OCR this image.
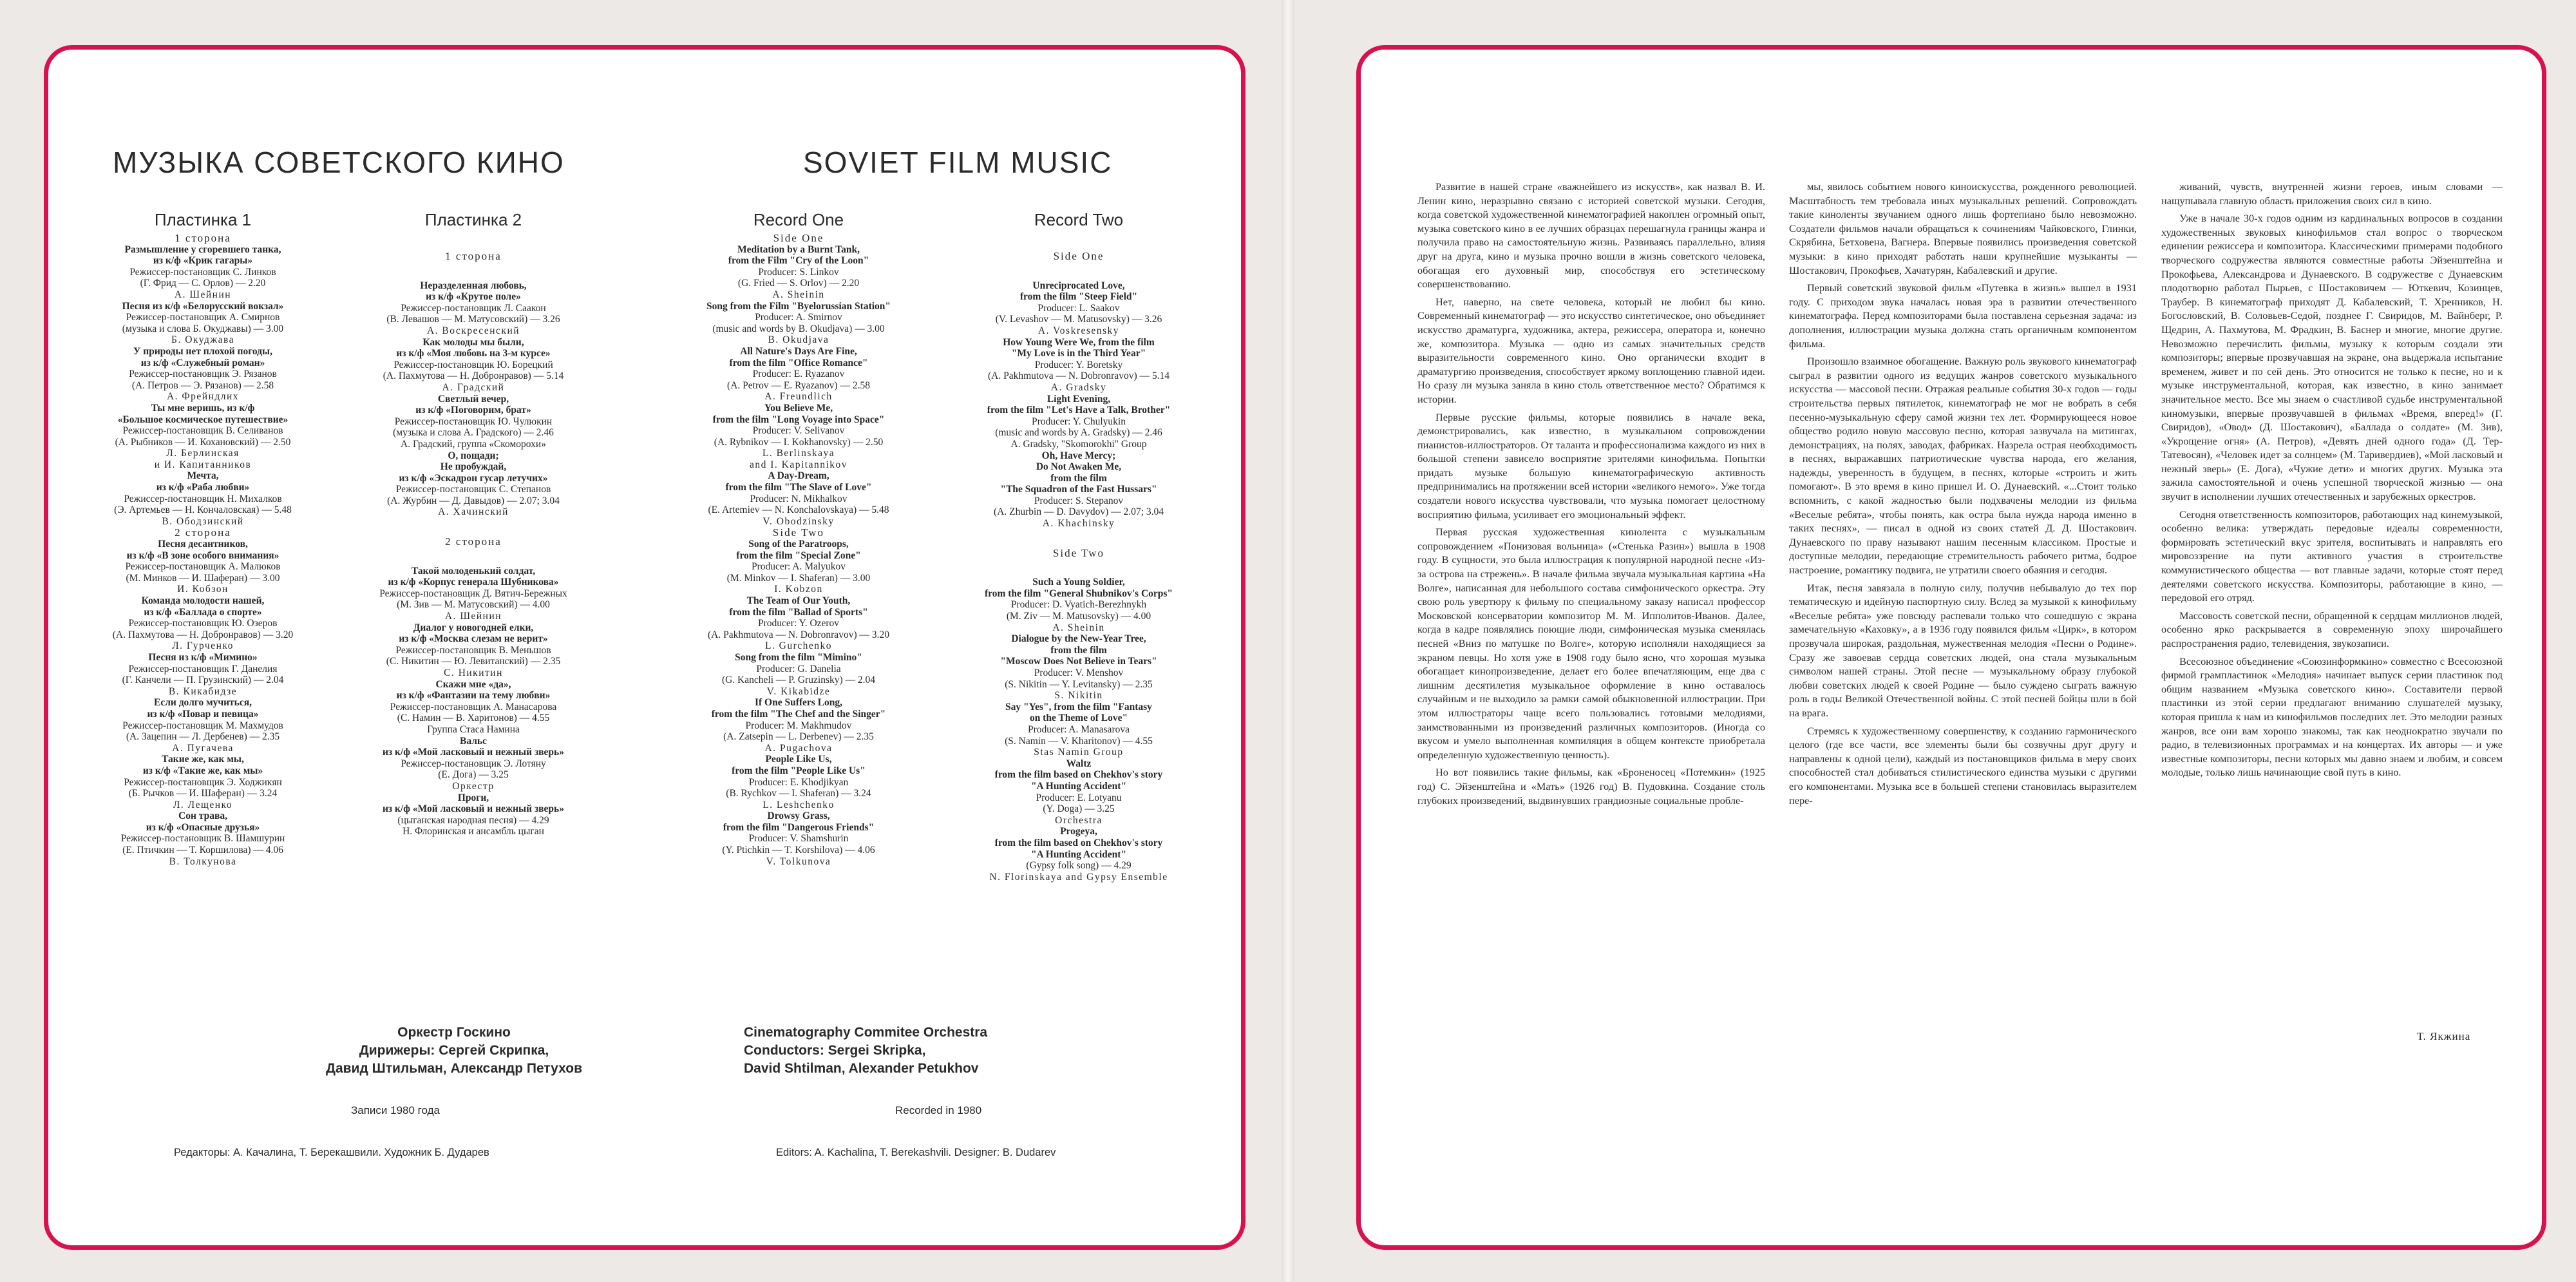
МУЗЫКА СОВЕТСКОГО КИНО	SOVIET FILM MUSIC
Пластинка 1
1 сторона
Размышление у сгоревшего танка,
из к/ф «Крик гагары»
Режиссер-постановщик С. Линков
(Г. Фрид — С. Орлов) — 2.20
А. Шейнин
Песня из к/ф «Белорусский вокзал»
Режиссер-постановщик А. Смирнов
(музыка и слова Б. Окуджавы) — 3.00
Б. Окуджава
У природы нет плохой погоды,
из к/ф «Служебный роман»
Режиссер-постановщик Э. Рязанов
(А. Петров — Э. Рязанов) — 2.58
А. Фрейндлих
Ты мне веришь, из к/ф
«Большое космическое путешествие»
Режиссер-постановщик В. Селиванов
(А. Рыбников — И. Кохановский) — 2.50
Л. Берлинская
и И. Капитанников
Мечта,
из к/ф «Раба любви»
Режиссер-постановщик Н. Михалков
(Э. Артемьев — Н. Кончаловская) — 5.48
В. Ободзинский
2 сторона
Песня десантников,
из к/ф «В зоне особого внимания»
Режиссер-постановщик А. Малюков
(М. Минков — И. Шаферан) — 3.00
И. Кобзон
Команда молодости нашей,
из к/ф «Баллада о спорте»
Режиссер-постановщик Ю. Озеров
(А. Пахмутова — Н. Добронравов) — 3.20
Л. Гурченко
Песня из к/ф «Мимино»
Режиссер-постановщик Г. Данелия
(Г. Канчели — П. Грузинский) — 2.04
В. Кикабидзе
Если долго мучиться,
из к/ф «Повар и певица»
Режиссер-постановщик М. Махмудов
(А. Зацепин — Л. Дербенев) — 2.35
А. Пугачева
Такие же, как мы,
из к/ф «Такие же, как мы»
Режиссер-постановщик Э. Ходжикян
(Б. Рычков — И. Шаферан) — 3.24
Л. Лещенко
Сон трава,
из к/ф «Опасные друзья»
Режиссер-постановщик В. Шамшурин
(Е. Птичкин — Т. Коршилова) — 4.06
В. Толкунова
Пластинка 2
1 сторона
Неразделенная любовь,
из к/ф «Крутое поле»
Режиссер-постановщик Л. Саакон
(В. Левашов — М. Матусовский) — 3.26
А. Воскресенский
Как молоды мы были,
из к/ф «Моя любовь на 3-м курсе»
Режиссер-постановщик Ю. Борецкий
(А. Пахмутова — Н. Добронравов) — 5.14
А. Градский
Светлый вечер,
из к/ф «Поговорим, брат»
Режиссер-постановщик Ю. Чулюкин
(музыка и слова А. Градского) — 2.46
А. Градский, группа «Скоморохи»
О, пощади;
Не пробуждай,
из к/ф «Эскадрон гусар летучих»
Режиссер-постановщик С. Степанов
(А. Журбин — Д. Давыдов) — 2.07; 3.04
А. Хачинский
2 сторона
Такой молоденький солдат,
из к/ф «Корпус генерала Шубникова»
Режиссер-постановщик Д. Вятич-Бережных
(М. Зив — М. Матусовский) — 4.00
А. Шейнин
Диалог у новогодней елки,
из к/ф «Москва слезам не верит»
Режиссер-постановщик В. Меньшов
(С. Никитин — Ю. Левитанский) — 2.35
С. Никитин
Скажи мне «да»,
из к/ф «Фантазии на тему любви»
Режиссер-постановщик А. Манасарова
(С. Намин — В. Харитонов) — 4.55
Группа Стаса Намина
Вальс
из к/ф «Мой ласковый и нежный зверь»
Режиссер-постановщик Э. Лотяну
(Е. Дога) — 3.25
Оркестр
Проги,
из к/ф «Мой ласковый и нежный зверь»
(цыганская народная песня) — 4.29
Н. Флоринская и ансамбль цыган
Record One
Side One
Meditation by a Burnt Tank,
from the Film "Cry of the Loon"
Producer: S. Linkov
(G. Fried — S. Orlov) — 2.20
A. Sheinin
Song from the Film "Byelorussian Station"
Producer: A. Smirnov
(music and words by B. Okudjava) — 3.00
B. Okudjava
All Nature's Days Are Fine,
from the film "Office Romance"
Producer: E. Ryazanov
(A. Petrov — E. Ryazanov) — 2.58
A. Freundlich
You Believe Me,
from the film "Long Voyage into Space"
Producer: V. Selivanov
(A. Rybnikov — I. Kokhanovsky) — 2.50
L. Berlinskaya
and I. Kapitannikov
A Day-Dream,
from the film "The Slave of Love"
Producer: N. Mikhalkov
(E. Artemiev — N. Konchalovskaya) — 5.48
V. Obodzinsky
Side Two
Song of the Paratroops,
from the film "Special Zone"
Producer: A. Malyukov
(M. Minkov — I. Shaferan) — 3.00
I. Kobzon
The Team of Our Youth,
from the film "Ballad of Sports"
Producer: Y. Ozerov
(A. Pakhmutova — N. Dobronravov) — 3.20
L. Gurchenko
Song from the film "Mimino"
Producer: G. Danelia
(G. Kancheli — P. Gruzinsky) — 2.04
V. Kikabidze
If One Suffers Long,
from the film "The Chef and the Singer"
Producer: M. Makhmudov
(A. Zatsepin — L. Derbenev) — 2.35
A. Pugachova
People Like Us,
from the film "People Like Us"
Producer: E. Khodjikyan
(B. Rychkov — I. Shaferan) — 3.24
L. Leshchenko
Drowsy Grass,
from the film "Dangerous Friends"
Producer: V. Shamshurin
(Y. Ptichkin — T. Korshilova) — 4.06
V. Tolkunova
Record Two
Side One
Unreciprocated Love,
from the film "Steep Field"
Producer: L. Saakov
(V. Levashov — M. Matusovsky) — 3.26
A. Voskresensky
How Young Were We, from the film
"My Love is in the Third Year"
Producer: Y. Boretsky
(A. Pakhmutova — N. Dobronravov) — 5.14
A. Gradsky
Light Evening,
from the film "Let's Have a Talk, Brother"
Producer: Y. Chulyukin
(music and words by A. Gradsky) — 2.46
A. Gradsky, "Skomorokhi" Group
Oh, Have Mercy;
Do Not Awaken Me,
from the film
"The Squadron of the Fast Hussars"
Producer: S. Stepanov
(A. Zhurbin — D. Davydov) — 2.07; 3.04
A. Khachinsky
Side Two
Such a Young Soldier,
from the film "General Shubnikov's Corps"
Producer: D. Vyatich-Berezhnykh
(M. Ziv — M. Matusovsky) — 4.00
A. Sheinin
Dialogue by the New-Year Tree,
from the film
"Moscow Does Not Believe in Tears"
Producer: V. Menshov
(S. Nikitin — Y. Levitansky) — 2.35
S. Nikitin
Say "Yes", from the film "Fantasy
on the Theme of Love"
Producer: A. Manasarova
(S. Namin — V. Kharitonov) — 4.55
Stas Namin Group
Waltz
from the film based on Chekhov's story
"A Hunting Accident"
Producer: E. Lotyanu
(Y. Doga) — 3.25
Orchestra
Progeya,
from the film based on Chekhov's story
"A Hunting Accident"
(Gypsy folk song) — 4.29
N. Florinskaya and Gypsy Ensemble
Оркестр Госкино
Дирижеры: Сергей Скрипка,
Давид Штильман, Александр Петухов
Cinematography Commitee Orchestra
Conductors: Sergei Skripka,
David Shtilman, Alexander Petukhov
Записи 1980 года	Recorded in 1980
Редакторы: А. Качалина, Т. Берекашвили. Художник Б. Дударев	Editors: A. Kachalina, T. Berekashvili. Designer: B. Dudarev

Развитие в нашей стране «важнейшего из искусств», как назвал В. И. Ленин кино, неразрывно связано с историей советской музыки. Сегодня, когда советской художественной кинематографией накоплен огромный опыт, музыка советского кино в ее лучших образцах перешагнула границы жанра и получила право на самостоятельную жизнь. Развиваясь параллельно, влияя друг на друга, кино и музыка прочно вошли в жизнь советского человека, обогащая его духовный мир, способствуя его эстетическому совершенствованию.

Нет, наверно, на свете человека, который не любил бы кино. Современный кинематограф — это искусство синтетическое, оно объединяет искусство драматурга, художника, актера, режиссера, оператора и, конечно же, композитора. Музыка — одно из самых значительных средств выразительности современного кино. Оно органически входит в драматургию произведения, способствует яркому воплощению главной идеи. Но сразу ли музыка заняла в кино столь ответственное место? Обратимся к истории.

Первые русские фильмы, которые появились в начале века, демонстрировались, как известно, в музыкальном сопровождении пианистов-иллюстраторов. От таланта и профессионализма каждого из них в большой степени зависело восприятие зрителями кинофильма. Попытки придать музыке большую кинематографическую активность предпринимались на протяжении всей истории «великого немого». Уже тогда создатели нового искусства чувствовали, что музыка помогает целостному восприятию фильма, усиливает его эмоциональный эффект.

Первая русская художественная кинолента с музыкальным сопровождением «Понизовая вольница» («Стенька Разин») вышла в 1908 году. В сущности, это была иллюстрация к популярной народной песне «Из-за острова на стрежень». В начале фильма звучала музыкальная картина «На Волге», написанная для небольшого состава симфонического оркестра. Эту свою роль увертюру к фильму по специальному заказу написал профессор Московской консерватории композитор М. М. Ипполитов-Иванов. Далее, когда в кадре появлялись поющие люди, симфоническая музыка сменялась песней «Вниз по матушке по Волге», которую исполняли находящиеся за экраном певцы. Но хотя уже в 1908 году было ясно, что хорошая музыка обогащает кинопроизведение, делает его более впечатляющим, еще два с лишним десятилетия музыкальное оформление в кино оставалось случайным и не выходило за рамки самой обыкновенной иллюстрации. При этом иллюстраторы чаще всего пользовались готовыми мелодиями, заимствованными из произведений различных композиторов. (Иногда со вкусом и умело выполненная компиляция в общем контексте приобретала определенную художественную ценность).

Но вот появились такие фильмы, как «Броненосец «Потемкин» (1925 год) С. Эйзенштейна и «Мать» (1926 год) В. Пудовкина. Создание столь глубоких произведений, выдвинувших грандиозные социальные пробле-

мы, явилось событием нового киноискусства, рожденного революцией. Масштабность тем требовала иных музыкальных решений. Сопровождать такие киноленты звучанием одного лишь фортепиано было невозможно. Создатели фильмов начали обращаться к сочинениям Чайковского, Глинки, Скрябина, Бетховена, Вагнера. Впервые появились произведения советской музыки: в кино приходят работать наши крупнейшие музыканты — Шостакович, Прокофьев, Хачатурян, Кабалевский и другие.

Первый советский звуковой фильм «Путевка в жизнь» вышел в 1931 году. С приходом звука началась новая эра в развитии отечественного кинематографа. Перед композиторами была поставлена серьезная задача: из дополнения, иллюстрации музыка должна стать органичным компонентом фильма.

Произошло взаимное обогащение. Важную роль звукового кинематограф сыграл в развитии одного из ведущих жанров советского музыкального искусства — массовой песни. Отражая реальные события 30-х годов — годы строительства первых пятилеток, кинематограф не мог не вобрать в себя песенно-музыкальную сферу самой жизни тех лет. Формирующееся новое общество родило новую массовую песню, которая зазвучала на митингах, демонстрациях, на полях, заводах, фабриках. Назрела острая необходимость в песнях, выражавших патриотические чувства народа, его желания, надежды, уверенность в будущем, в песнях, которые «строить и жить помогают». В это время в кино пришел И. О. Дунаевский. «...Стоит только вспомнить, с какой жадностью были подхвачены мелодии из фильма «Веселые ребята», чтобы понять, как остра была нужда народа именно в таких песнях», — писал в одной из своих статей Д. Д. Шостакович. Дунаевского по праву называют нашим песенным классиком. Простые и доступные мелодии, передающие стремительность рабочего ритма, бодрое настроение, романтику подвига, не утратили своего обаяния и сегодня.

Итак, песня завязала в полную силу, получив небывалую до тех пор тематическую и идейную паспортную силу. Вслед за музыкой к кинофильму «Веселые ребята» уже повсюду распевали только что сошедшую с экрана замечательную «Каховку», а в 1936 году появился фильм «Цирк», в котором прозвучала широкая, раздольная, мужественная мелодия «Песни о Родине». Сразу же завоевав сердца советских людей, она стала музыкальным символом нашей страны. Этой песне — музыкальному образу глубокой любви советских людей к своей Родине — было суждено сыграть важную роль в годы Великой Отечественной войны. С этой песней бойцы шли в бой на врага.

Стремясь к художественному совершенству, к созданию гармонического целого (где все части, все элементы были бы созвучны друг другу и направлены к одной цели), каждый из постановщиков фильма в меру своих способностей стал добиваться стилистического единства музыки с другими его компонентами. Музыка все в большей степени становилась выразителем пере-

живаний, чувств, внутренней жизни героев, иным словами — нащупывала главную область приложения своих сил в кино.

Уже в начале 30-х годов одним из кардинальных вопросов в создании художественных звуковых кинофильмов стал вопрос о творческом единении режиссера и композитора. Классическими примерами подобного творческого содружества являются совместные работы Эйзенштейна и Прокофьева, Александрова и Дунаевского. В содружестве с Дунаевским плодотворно работал Пырьев, с Шостаковичем — Юткевич, Козинцев, Траубер. В кинематограф приходят Д. Кабалевский, Т. Хренников, Н. Богословский, В. Соловьев-Седой, позднее Г. Свиридов, М. Вайнберг, Р. Щедрин, А. Пахмутова, М. Фрадкин, В. Баснер и многие, многие другие. Невозможно перечислить фильмы, музыку к которым создали эти композиторы; впервые прозвучавшая на экране, она выдержала испытание временем, живет и по сей день. Это относится не только к песне, но и к музыке инструментальной, которая, как известно, в кино занимает значительное место. Все мы знаем о счастливой судьбе инструментальной киномузыки, впервые прозвучавшей в фильмах «Время, вперед!» (Г. Свиридов), «Овод» (Д. Шостакович), «Баллада о солдате» (М. Зив), «Укрощение огня» (А. Петров), «Девять дней одного года» (Д. Тер-Татевосян), «Человек идет за солнцем» (М. Таривердиев), «Мой ласковый и нежный зверь» (Е. Дога), «Чужие дети» и многих других. Музыка эта зажила самостоятельной и очень успешной творческой жизнью — она звучит в исполнении лучших отечественных и зарубежных оркестров.

Сегодня ответственность композиторов, работающих над кинемузыкой, особенно велика: утверждать передовые идеалы современности, формировать эстетический вкус зрителя, воспитывать и направлять его мировоззрение на пути активного участия в строительстве коммунистического общества — вот главные задачи, которые стоят перед деятелями советского искусства. Композиторы, работающие в кино, — передовой его отряд.

Массовость советской песни, обращенной к сердцам миллионов людей, особенно ярко раскрывается в современную эпоху широчайшего распространения радио, телевидения, звукозаписи.

Всесоюзное объединение «Союзинформкино» совместно с Всесоюзной фирмой грампластинок «Мелодия» начинает выпуск серии пластинок под общим названием «Музыка советского кино». Составители первой пластинки из этой серии предлагают вниманию слушателей музыку, которая пришла к нам из кинофильмов последних лет. Это мелодии разных жанров, все они вам хорошо знакомы, так как неоднократно звучали по радио, в телевизионных программах и на концертах. Их авторы — и уже известные композиторы, песни которых мы давно знаем и любим, и совсем молодые, только лишь начинающие свой путь в кино.

Т. Якжина
